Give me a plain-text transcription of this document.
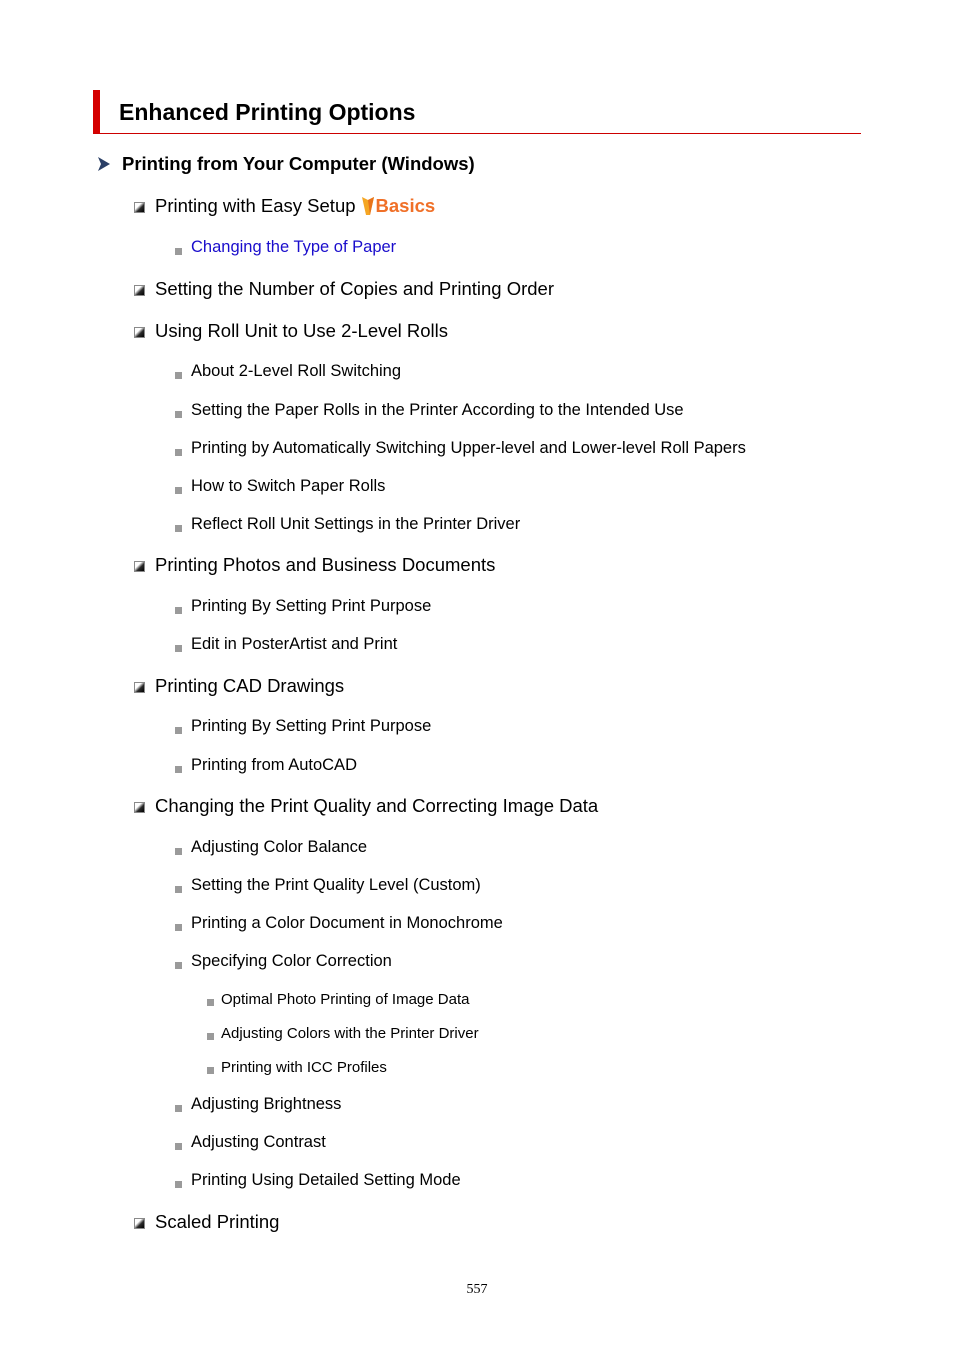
Enhanced Printing Options
Printing from Your Computer (Windows)
Printing with Easy Setup Basics
Changing the Type of Paper
Setting the Number of Copies and Printing Order
Using Roll Unit to Use 2-Level Rolls
About 2-Level Roll Switching
Setting the Paper Rolls in the Printer According to the Intended Use
Printing by Automatically Switching Upper-level and Lower-level Roll Papers
How to Switch Paper Rolls
Reflect Roll Unit Settings in the Printer Driver
Printing Photos and Business Documents
Printing By Setting Print Purpose
Edit in PosterArtist and Print
Printing CAD Drawings
Printing By Setting Print Purpose
Printing from AutoCAD
Changing the Print Quality and Correcting Image Data
Adjusting Color Balance
Setting the Print Quality Level (Custom)
Printing a Color Document in Monochrome
Specifying Color Correction
Optimal Photo Printing of Image Data
Adjusting Colors with the Printer Driver
Printing with ICC Profiles
Adjusting Brightness
Adjusting Contrast
Printing Using Detailed Setting Mode
Scaled Printing
557
